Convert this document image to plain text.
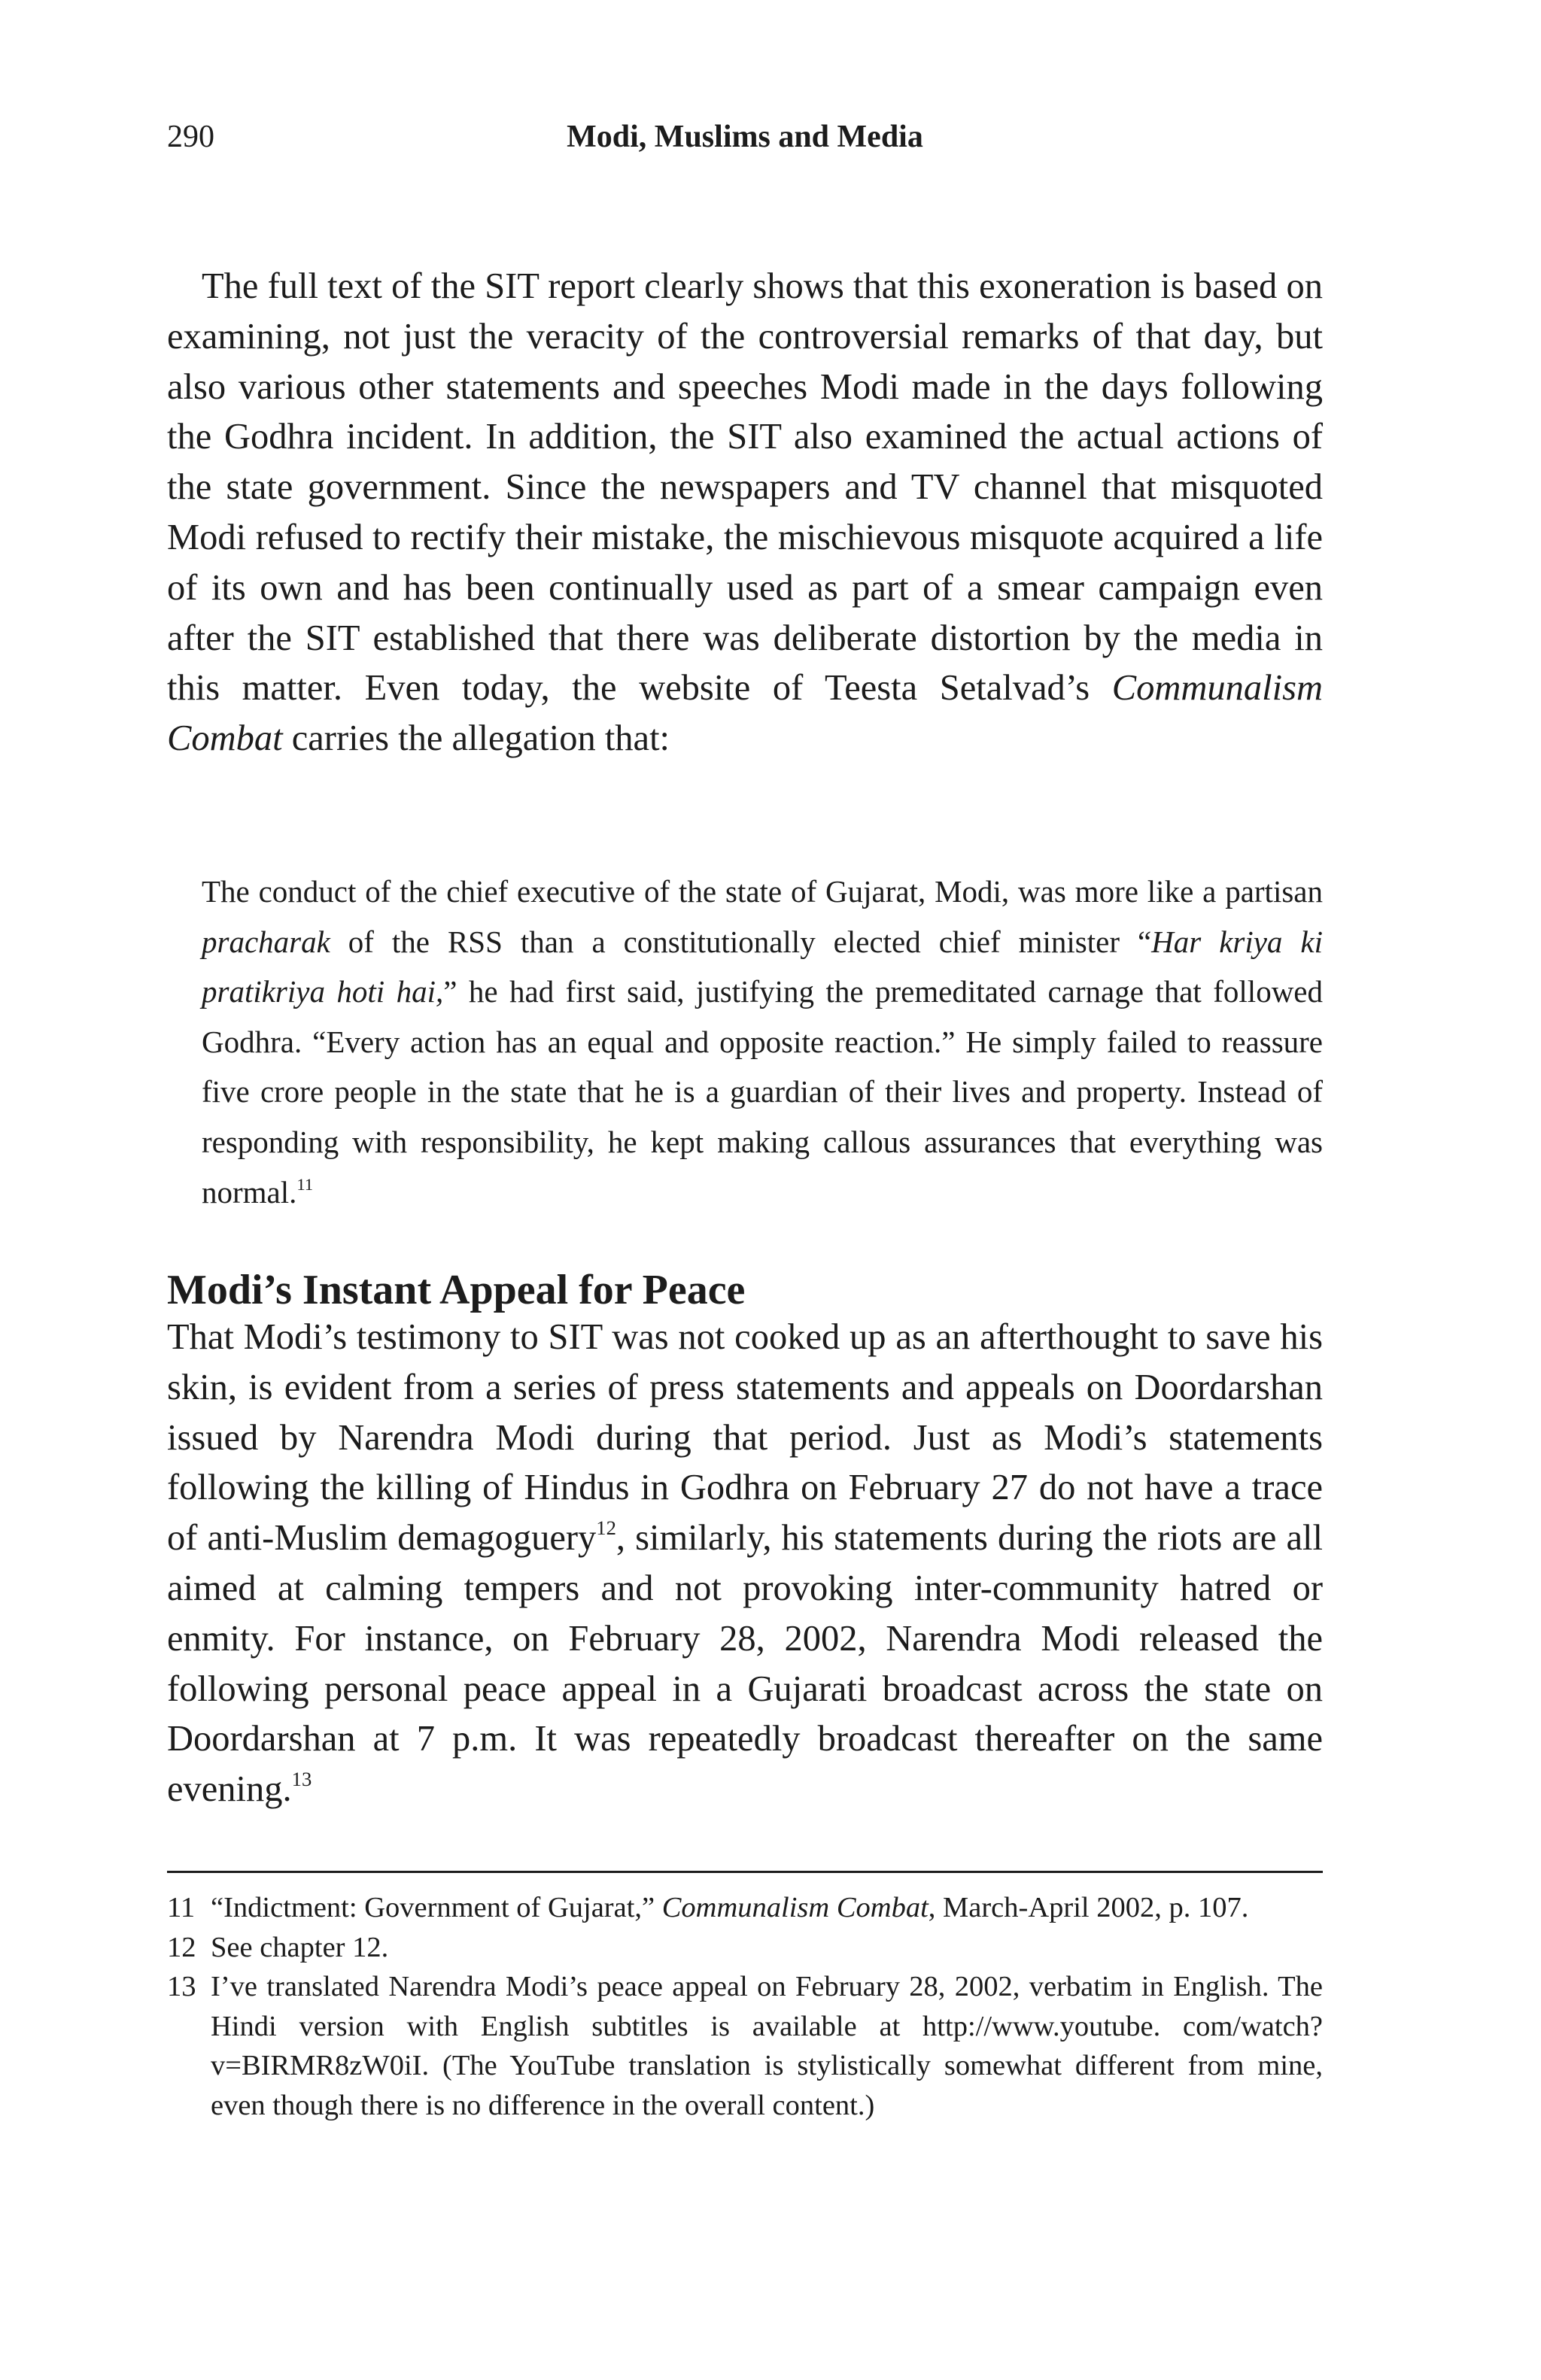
290	Modi, Muslims and Media

The full text of the SIT report clearly shows that this exoneration is based on examining, not just the veracity of the controversial remarks of that day, but also various other statements and speeches Modi made in the days following the Godhra incident. In addition, the SIT also examined the actual actions of the state government. Since the newspapers and TV channel that misquoted Modi refused to rectify their mistake, the mischievous misquote acquired a life of its own and has been continually used as part of a smear campaign even after the SIT established that there was deliberate distortion by the media in this matter. Even today, the website of Teesta Setalvad’s Communalism Combat carries the allegation that:

The conduct of the chief executive of the state of Gujarat, Modi, was more like a partisan pracharak of the RSS than a constitutionally elected chief minister “Har kriya ki pratikriya hoti hai,” he had first said, justifying the premeditated carnage that followed Godhra. “Every action has an equal and opposite reaction.” He simply failed to reassure five crore people in the state that he is a guardian of their lives and property. Instead of responding with responsibility, he kept making callous assurances that everything was normal.$^{11}$

Modi’s Instant Appeal for Peace

That Modi’s testimony to SIT was not cooked up as an afterthought to save his skin, is evident from a series of press statements and appeals on Doordarshan issued by Narendra Modi during that period. Just as Modi’s statements following the killing of Hindus in Godhra on February 27 do not have a trace of anti-Muslim demagoguery$^{12}$, similarly, his statements during the riots are all aimed at calming tempers and not provoking inter-community hatred or enmity. For instance, on February 28, 2002, Narendra Modi released the following personal peace appeal in a Gujarati broadcast across the state on Doordarshan at 7 p.m. It was repeatedly broadcast thereafter on the same evening.$^{13}$

11 “Indictment: Government of Gujarat,” Communalism Combat, March-April 2002, p. 107.
12 See chapter 12.
13 I’ve translated Narendra Modi’s peace appeal on February 28, 2002, verbatim in English. The Hindi version with English subtitles is available at http://www.youtube. com/watch?v=BIRMR8zW0iI. (The YouTube translation is stylistically somewhat different from mine, even though there is no difference in the overall content.)
